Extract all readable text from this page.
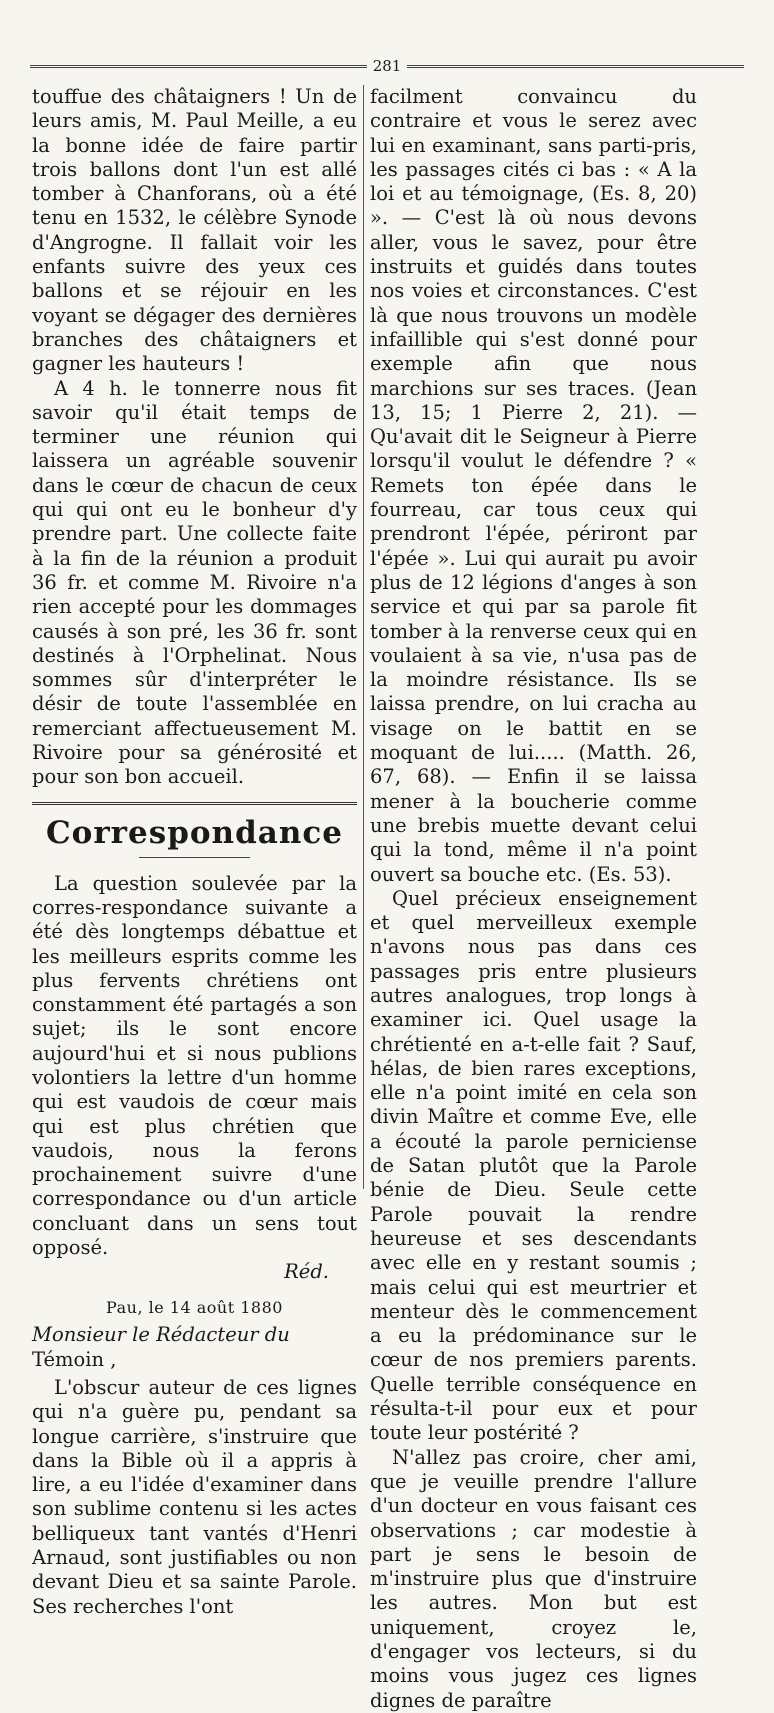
281

touffue des châtaigners ! Un de leurs amis, M. Paul Meille, a eu la bonne idée de faire partir trois ballons dont l'un est allé tomber à Chanforans, où a été tenu en 1532, le célèbre Synode d'Angrogne. Il fallait voir les enfants suivre des yeux ces ballons et se réjouir en les voyant se dégager des dernières branches des châtaigners et gagner les hauteurs !

A 4 h. le tonnerre nous fit savoir qu'il était temps de terminer une réunion qui laissera un agréable souvenir dans le cœur de chacun de ceux qui qui ont eu le bonheur d'y prendre part. Une collecte faite à la fin de la réunion a produit 36 fr. et comme M. Rivoire n'a rien accepté pour les dommages causés à son pré, les 36 fr. sont destinés à l'Orphelinat. Nous sommes sûr d'interpréter le désir de toute l'assemblée en remerciant affectueusement M. Rivoire pour sa générosité et pour son bon accueil.

Correspondance

La question soulevée par la corres-respondance suivante a été dès longtemps débattue et les meilleurs esprits comme les plus fervents chrétiens ont constamment été partagés a son sujet; ils le sont encore aujourd'hui et si nous publions volontiers la lettre d'un homme qui est vaudois de cœur mais qui est plus chrétien que vaudois, nous la ferons prochainement suivre d'une correspondance ou d'un article concluant dans un sens tout opposé.

Réd.
Pau, le 14 août 1880
Monsieur le Rédacteur du Témoin ,

L'obscur auteur de ces lignes qui n'a guère pu, pendant sa longue carrière, s'instruire que dans la Bible où il a appris à lire, a eu l'idée d'examiner dans son sublime contenu si les actes belliqueux tant vantés d'Henri Arnaud, sont justifiables ou non devant Dieu et sa sainte Parole. Ses recherches l'ont

facilment convaincu du contraire et vous le serez avec lui en examinant, sans parti-pris, les passages cités ci bas : « A la loi et au témoignage, (Es. 8, 20) ». — C'est là où nous devons aller, vous le savez, pour être instruits et guidés dans toutes nos voies et circonstances. C'est là que nous trouvons un modèle infaillible qui s'est donné pour exemple afin que nous marchions sur ses traces. (Jean 13, 15; 1 Pierre 2, 21). — Qu'avait dit le Seigneur à Pierre lorsqu'il voulut le défendre ? « Remets ton épée dans le fourreau, car tous ceux qui prendront l'épée, périront par l'épée ». Lui qui aurait pu avoir plus de 12 légions d'anges à son service et qui par sa parole fit tomber à la renverse ceux qui en voulaient à sa vie, n'usa pas de la moindre résistance. Ils se laissa prendre, on lui cracha au visage on le battit en se moquant de lui..... (Matth. 26, 67, 68). — Enfin il se laissa mener à la boucherie comme une brebis muette devant celui qui la tond, même il n'a point ouvert sa bouche etc. (Es. 53).

Quel précieux enseignement et quel merveilleux exemple n'avons nous pas dans ces passages pris entre plusieurs autres analogues, trop longs à examiner ici. Quel usage la chrétienté en a-t-elle fait ? Sauf, hélas, de bien rares exceptions, elle n'a point imité en cela son divin Maître et comme Eve, elle a écouté la parole perniciense de Satan plutôt que la Parole bénie de Dieu. Seule cette Parole pouvait la rendre heureuse et ses descendants avec elle en y restant soumis ; mais celui qui est meurtrier et menteur dès le commencement a eu la prédominance sur le cœur de nos premiers parents. Quelle terrible conséquence en résulta-t-il pour eux et pour toute leur postérité ?

N'allez pas croire, cher ami, que je veuille prendre l'allure d'un docteur en vous faisant ces observations ; car modestie à part je sens le besoin de m'instruire plus que d'instruire les autres. Mon but est uniquement, croyez le, d'engager vos lecteurs, si du moins vous jugez ces lignes dignes de paraître
